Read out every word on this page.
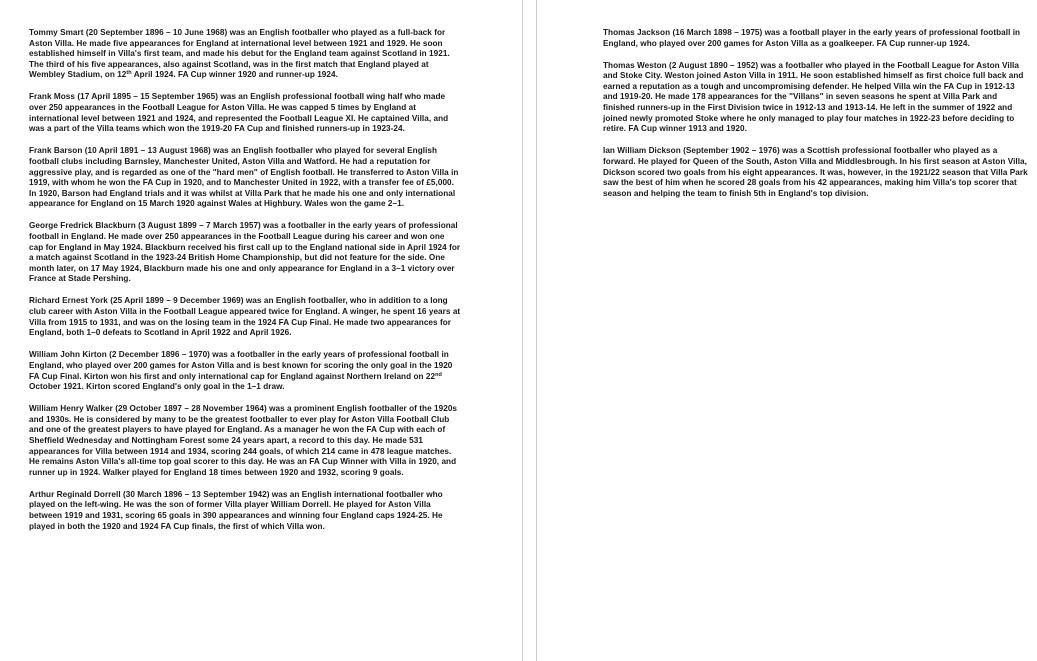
Tommy Smart (20 September 1896 – 10 June 1968) was an English footballer who played as a full-back for Aston Villa. He made five appearances for England at international level between 1921 and 1929. He soon established himself in Villa's first team, and made his debut for the England team against Scotland in 1921. The third of his five appearances, also against Scotland, was in the first match that England played at Wembley Stadium, on 12th April 1924. FA Cup winner 1920 and runner-up 1924.

Frank Moss (17 April 1895 – 15 September 1965) was an English professional football wing half who made over 250 appearances in the Football League for Aston Villa. He was capped 5 times by England at international level between 1921 and 1924, and represented the Football League XI. He captained Villa, and was a part of the Villa teams which won the 1919-20 FA Cup and finished runners-up in 1923-24.

Frank Barson (10 April 1891 – 13 August 1968) was an English footballer who played for several English football clubs including Barnsley, Manchester United, Aston Villa and Watford. He had a reputation for aggressive play, and is regarded as one of the "hard men" of English football. He transferred to Aston Villa in 1919, with whom he won the FA Cup in 1920, and to Manchester United in 1922, with a transfer fee of £5,000. In 1920, Barson had England trials and it was whilst at Villa Park that he made his one and only international appearance for England on 15 March 1920 against Wales at Highbury. Wales won the game 2–1.

George Fredrick Blackburn (3 August 1899 – 7 March 1957) was a footballer in the early years of professional football in England. He made over 250 appearances in the Football League during his career and won one cap for England in May 1924. Blackburn received his first call up to the England national side in April 1924 for a match against Scotland in the 1923-24 British Home Championship, but did not feature for the side. One month later, on 17 May 1924, Blackburn made his one and only appearance for England in a 3–1 victory over France at Stade Pershing.

Richard Ernest York (25 April 1899 – 9 December 1969) was an English footballer, who in addition to a long club career with Aston Villa in the Football League appeared twice for England. A winger, he spent 16 years at Villa from 1915 to 1931, and was on the losing team in the 1924 FA Cup Final. He made two appearances for England, both 1–0 defeats to Scotland in April 1922 and April 1926.

William John Kirton (2 December 1896 – 1970) was a footballer in the early years of professional football in England, who played over 200 games for Aston Villa and is best known for scoring the only goal in the 1920 FA Cup Final. Kirton won his first and only international cap for England against Northern Ireland on 22nd October 1921. Kirton scored England's only goal in the 1–1 draw.

William Henry Walker (29 October 1897 – 28 November 1964) was a prominent English footballer of the 1920s and 1930s. He is considered by many to be the greatest footballer to ever play for Aston Villa Football Club and one of the greatest players to have played for England. As a manager he won the FA Cup with each of Sheffield Wednesday and Nottingham Forest some 24 years apart, a record to this day. He made 531 appearances for Villa between 1914 and 1934, scoring 244 goals, of which 214 came in 478 league matches. He remains Aston Villa's all-time top goal scorer to this day. He was an FA Cup Winner with Villa in 1920, and runner up in 1924. Walker played for England 18 times between 1920 and 1932, scoring 9 goals.

Arthur Reginald Dorrell (30 March 1896 – 13 September 1942) was an English international footballer who played on the left-wing. He was the son of former Villa player William Dorrell. He played for Aston Villa between 1919 and 1931, scoring 65 goals in 390 appearances and winning four England caps 1924-25. He played in both the 1920 and 1924 FA Cup finals, the first of which Villa won.

Thomas Jackson (16 March 1898 – 1975) was a football player in the early years of professional football in England, who played over 200 games for Aston Villa as a goalkeeper. FA Cup runner-up 1924.

Thomas Weston (2 August 1890 – 1952) was a footballer who played in the Football League for Aston Villa and Stoke City. Weston joined Aston Villa in 1911. He soon established himself as first choice full back and earned a reputation as a tough and uncompromising defender. He helped Villa win the FA Cup in 1912-13 and 1919-20. He made 178 appearances for the "Villans" in seven seasons he spent at Villa Park and finished runners-up in the First Division twice in 1912-13 and 1913-14. He left in the summer of 1922 and joined newly promoted Stoke where he only managed to play four matches in 1922-23 before deciding to retire. FA Cup winner 1913 and 1920.

Ian William Dickson (September 1902 – 1976) was a Scottish professional footballer who played as a forward. He played for Queen of the South, Aston Villa and Middlesbrough. In his first season at Aston Villa, Dickson scored two goals from his eight appearances. It was, however, in the 1921/22 season that Villa Park saw the best of him when he scored 28 goals from his 42 appearances, making him Villa's top scorer that season and helping the team to finish 5th in England's top division.
